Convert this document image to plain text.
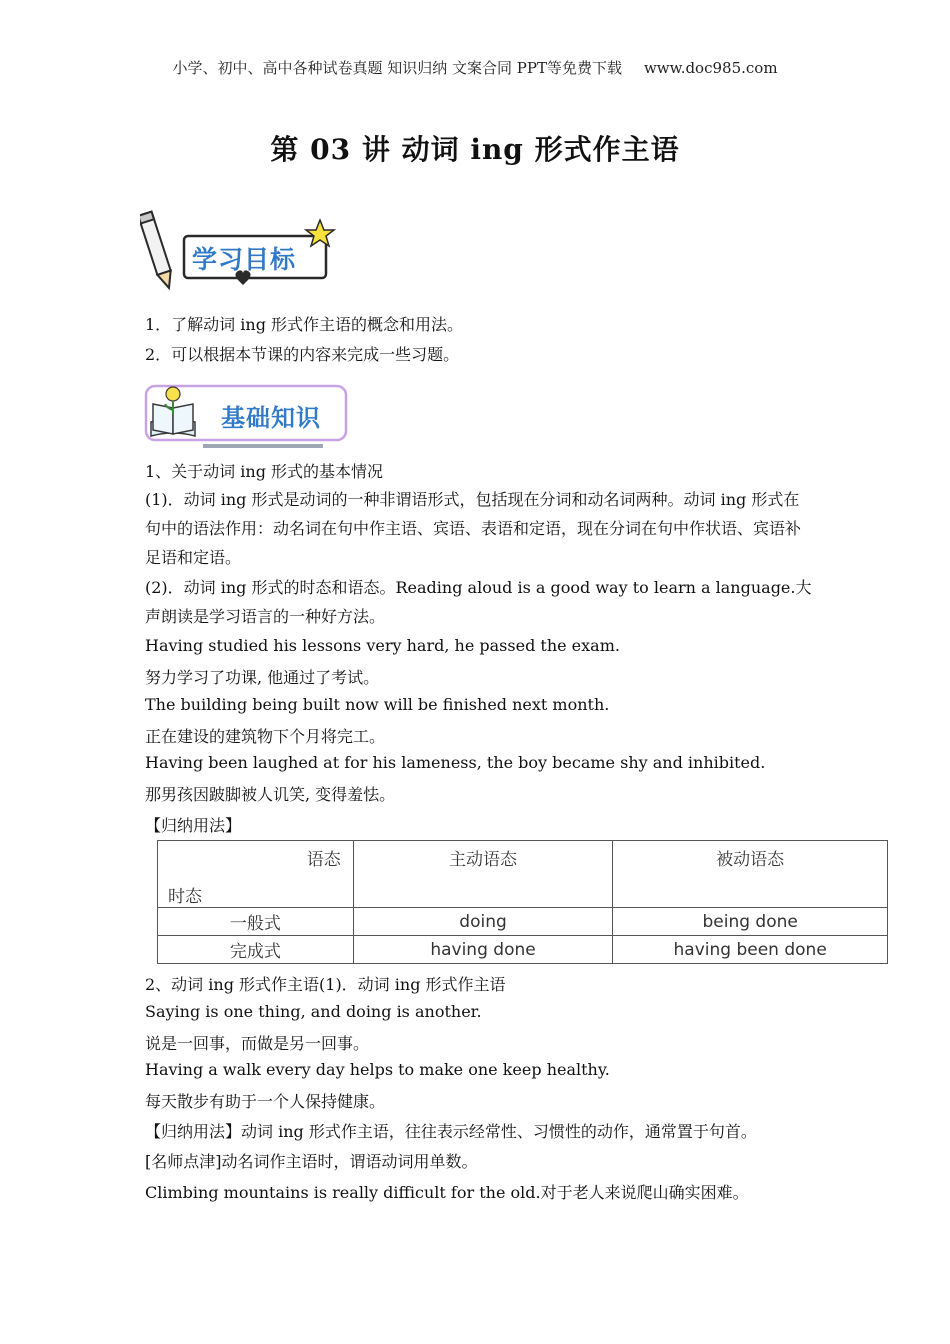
小学、初中、高中各种试卷真题 知识归纳 文案合同 PPT等免费下载 www.doc985.com
第 03 讲 动词 ing 形式作主语
学习目标
1．了解动词 ing 形式作主语的概念和用法。
2．可以根据本节课的内容来完成一些习题。
基础知识
1、关于动词 ing 形式的基本情况
(1)．动词 ing 形式是动词的一种非谓语形式，包括现在分词和动名词两种。动词 ing 形式在句中的语法作用：动名词在句中作主语、宾语、表语和定语，现在分词在句中作状语、宾语补足语和定语。
(2)．动词 ing 形式的时态和语态。Reading aloud is a good way to learn a language.大声朗读是学习语言的一种好方法。
Having studied his lessons very hard, he passed the exam.
努力学习了功课, 他通过了考试。
The building being built now will be finished next month.
正在建设的建筑物下个月将完工。
Having been laughed at for his lameness, the boy became shy and inhibited.
那男孩因跛脚被人讥笑, 变得羞怯。
【归纳用法】
语态
时态	主动语态	被动语态

一般式	doing	being done
完成式	having done	having been done
2、动词 ing 形式作主语(1)．动词 ing 形式作主语
Saying is one thing, and doing is another.
说是一回事，而做是另一回事。
Having a walk every day helps to make one keep healthy.
每天散步有助于一个人保持健康。
【归纳用法】动词 ing 形式作主语，往往表示经常性、习惯性的动作，通常置于句首。
[名师点津]动名词作主语时，谓语动词用单数。
Climbing mountains is really difficult for the old.对于老人来说爬山确实困难。
